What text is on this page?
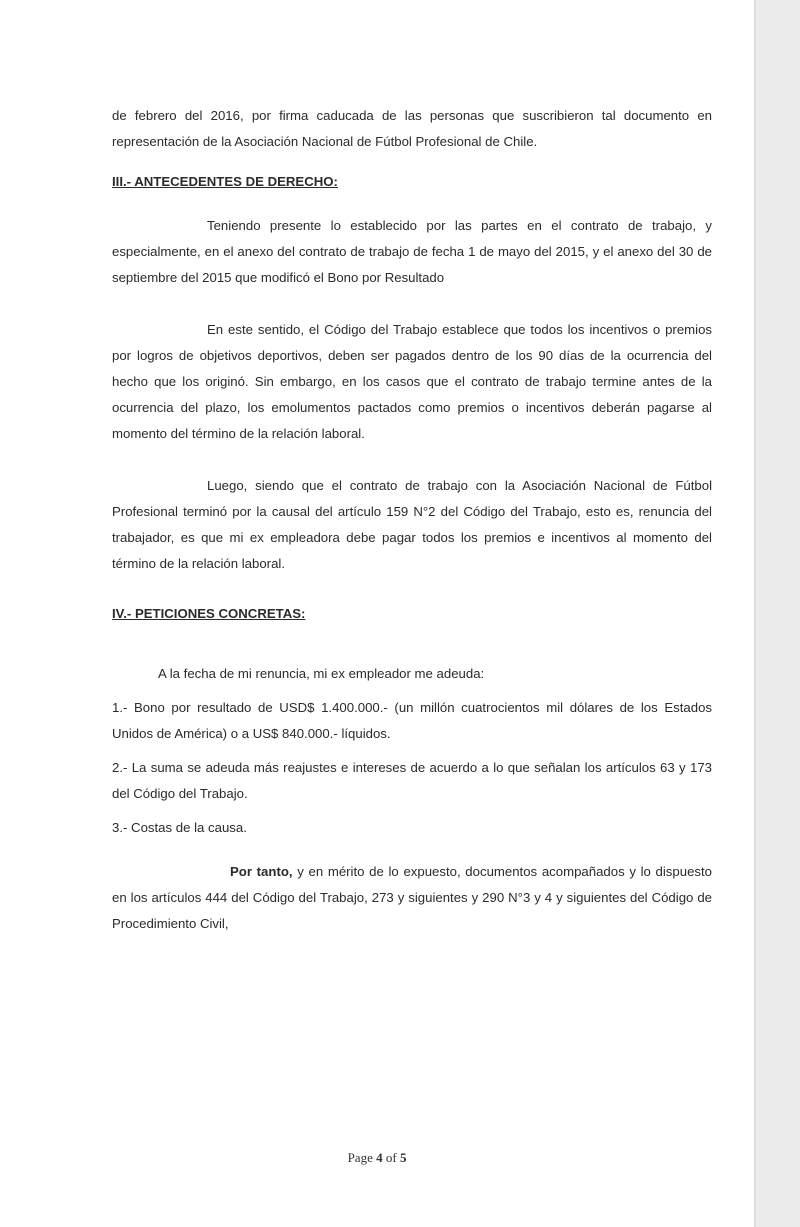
de febrero del 2016, por firma caducada de las personas que suscribieron tal documento en representación de la Asociación Nacional de Fútbol Profesional de Chile.

III.- ANTECEDENTES DE DERECHO:

Teniendo presente lo establecido por las partes en el contrato de trabajo, y especialmente, en el anexo del contrato de trabajo de fecha 1 de mayo del 2015, y el anexo del 30 de septiembre del 2015 que modificó el Bono por Resultado

En este sentido, el Código del Trabajo establece que todos los incentivos o premios por logros de objetivos deportivos, deben ser pagados dentro de los 90 días de la ocurrencia del hecho que los originó. Sin embargo, en los casos que el contrato de trabajo termine antes de la ocurrencia del plazo, los emolumentos pactados como premios o incentivos deberán pagarse al momento del término de la relación laboral.

Luego, siendo que el contrato de trabajo con la Asociación Nacional de Fútbol Profesional terminó por la causal del artículo 159 N°2 del Código del Trabajo, esto es, renuncia del trabajador, es que mi ex empleadora debe pagar todos los premios e incentivos al momento del término de la relación laboral.

IV.- PETICIONES CONCRETAS:

A la fecha de mi renuncia, mi ex empleador me adeuda:

1.- Bono por resultado de USD$ 1.400.000.- (un millón cuatrocientos mil dólares de los Estados Unidos de América) o a US$ 840.000.- líquidos.

2.- La suma se adeuda más reajustes e intereses de acuerdo a lo que señalan los artículos 63 y 173 del Código del Trabajo.

3.- Costas de la causa.

Por tanto, y en mérito de lo expuesto, documentos acompañados y lo dispuesto en los artículos 444 del Código del Trabajo, 273 y siguientes y 290 N°3 y 4 y siguientes del Código de Procedimiento Civil,

Page 4 of 5
